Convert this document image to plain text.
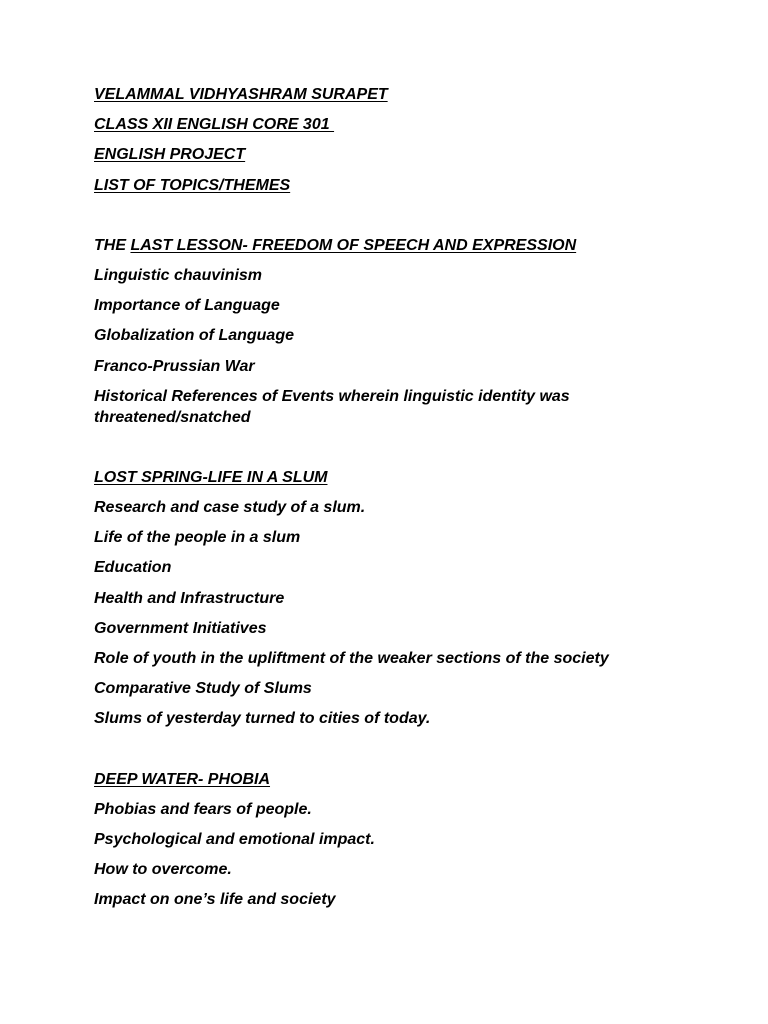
VELAMMAL VIDHYASHRAM SURAPET
CLASS XII ENGLISH CORE 301
ENGLISH PROJECT
LIST OF TOPICS/THEMES
THE LAST LESSON- FREEDOM OF SPEECH AND EXPRESSION
Linguistic chauvinism
Importance of Language
Globalization of Language
Franco-Prussian War
Historical References of Events wherein linguistic identity was threatened/snatched
LOST SPRING-LIFE IN A SLUM
Research and case study of a slum.
Life of the people in a slum
Education
Health and Infrastructure
Government Initiatives
Role of youth in the upliftment of the weaker sections of the society
Comparative Study of Slums
Slums of yesterday turned to cities of today.
DEEP WATER- PHOBIA
Phobias and fears of people.
Psychological and emotional impact.
How to overcome.
Impact on one’s life and society
